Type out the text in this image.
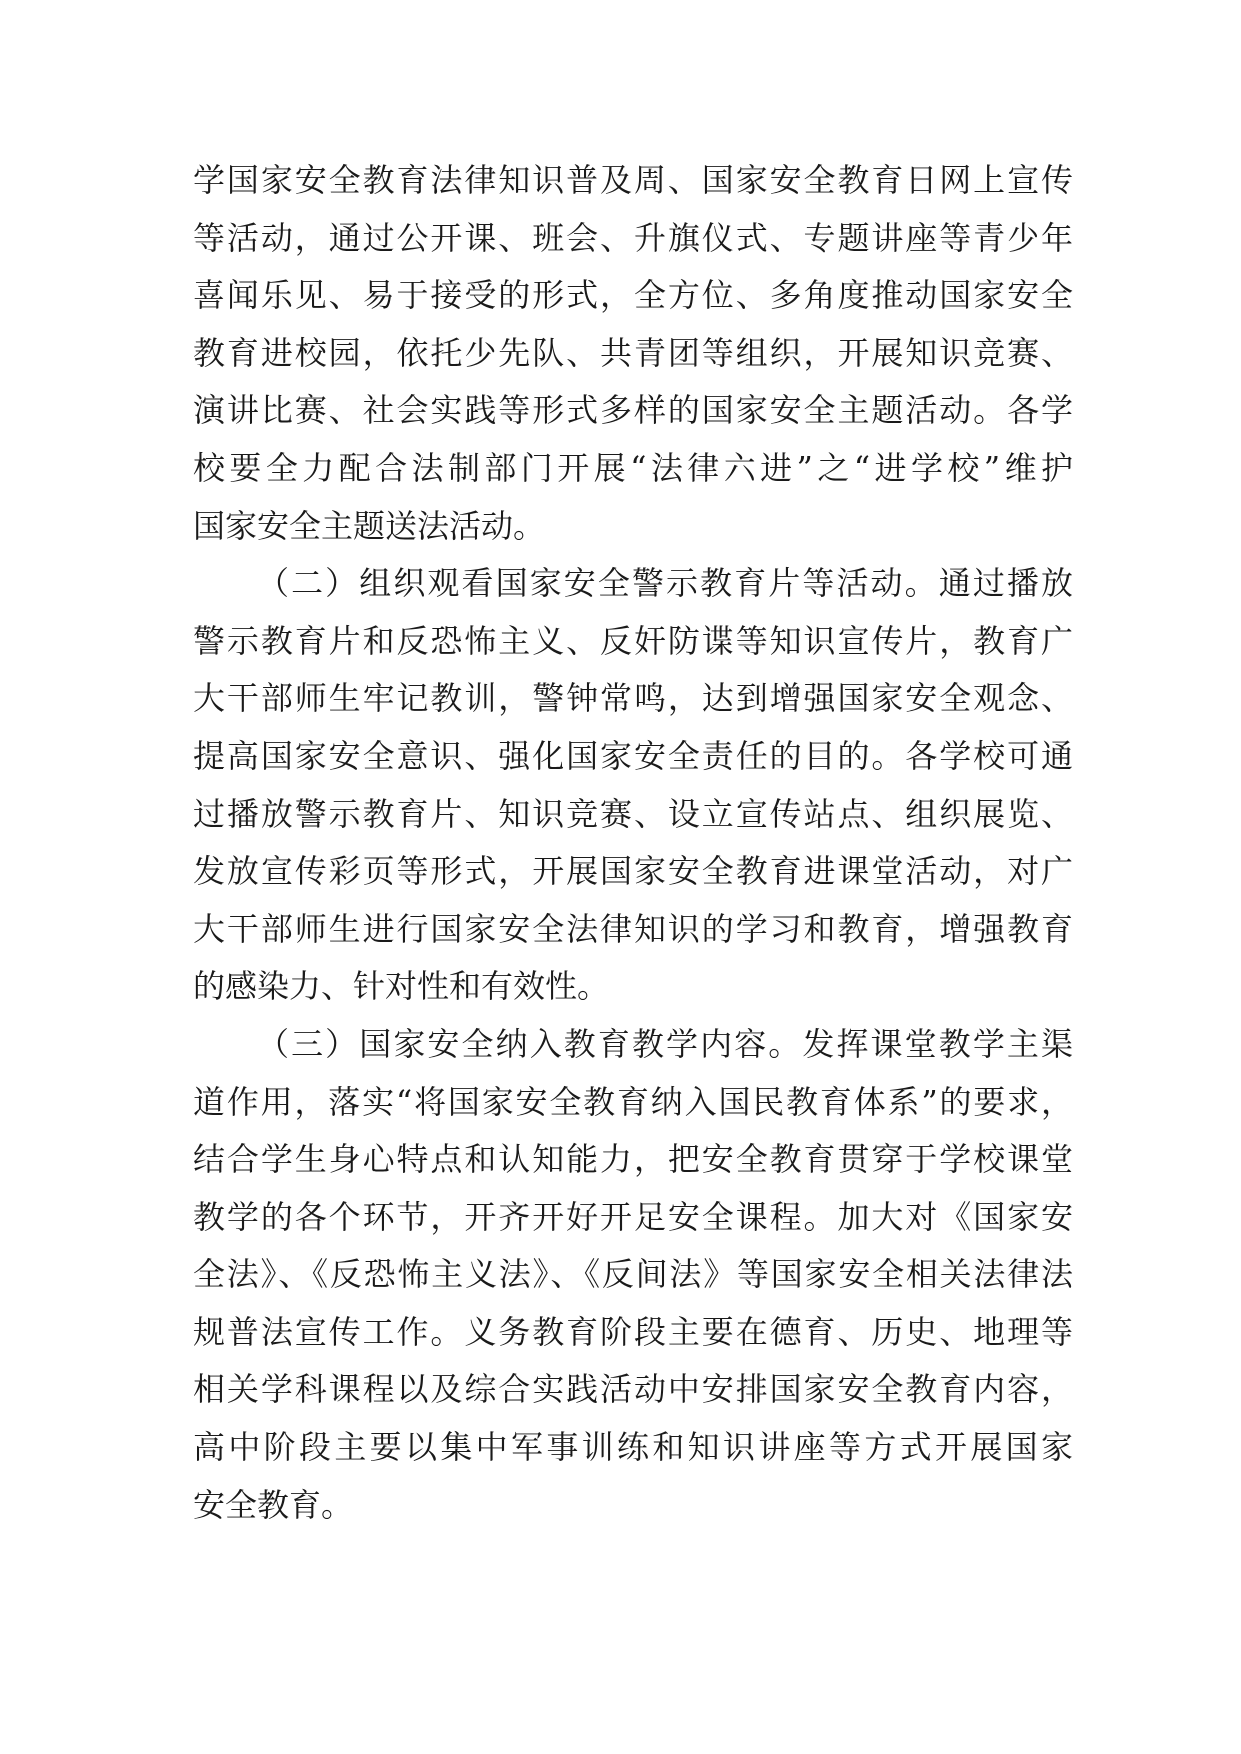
学国家安全教育法律知识普及周、国家安全教育日网上宣传
等活动，通过公开课、班会、升旗仪式、专题讲座等青少年
喜闻乐见、易于接受的形式，全方位、多角度推动国家安全
教育进校园，依托少先队、共青团等组织，开展知识竞赛、
演讲比赛、社会实践等形式多样的国家安全主题活动。各学
校要全力配合法制部门开展“法律六进”之“进学校”维护
国家安全主题送法活动。
（二）组织观看国家安全警示教育片等活动。通过播放
警示教育片和反恐怖主义、反奸防谍等知识宣传片，教育广
大干部师生牢记教训，警钟常鸣，达到增强国家安全观念、
提高国家安全意识、强化国家安全责任的目的。各学校可通
过播放警示教育片、知识竞赛、设立宣传站点、组织展览、
发放宣传彩页等形式，开展国家安全教育进课堂活动，对广
大干部师生进行国家安全法律知识的学习和教育，增强教育
的感染力、针对性和有效性。
（三）国家安全纳入教育教学内容。发挥课堂教学主渠
道作用，落实“将国家安全教育纳入国民教育体系”的要求，
结合学生身心特点和认知能力，把安全教育贯穿于学校课堂
教学的各个环节，开齐开好开足安全课程。加大对《国家安
全法》、《反恐怖主义法》、《反间法》等国家安全相关法律法
规普法宣传工作。义务教育阶段主要在德育、历史、地理等
相关学科课程以及综合实践活动中安排国家安全教育内容，
高中阶段主要以集中军事训练和知识讲座等方式开展国家
安全教育。
